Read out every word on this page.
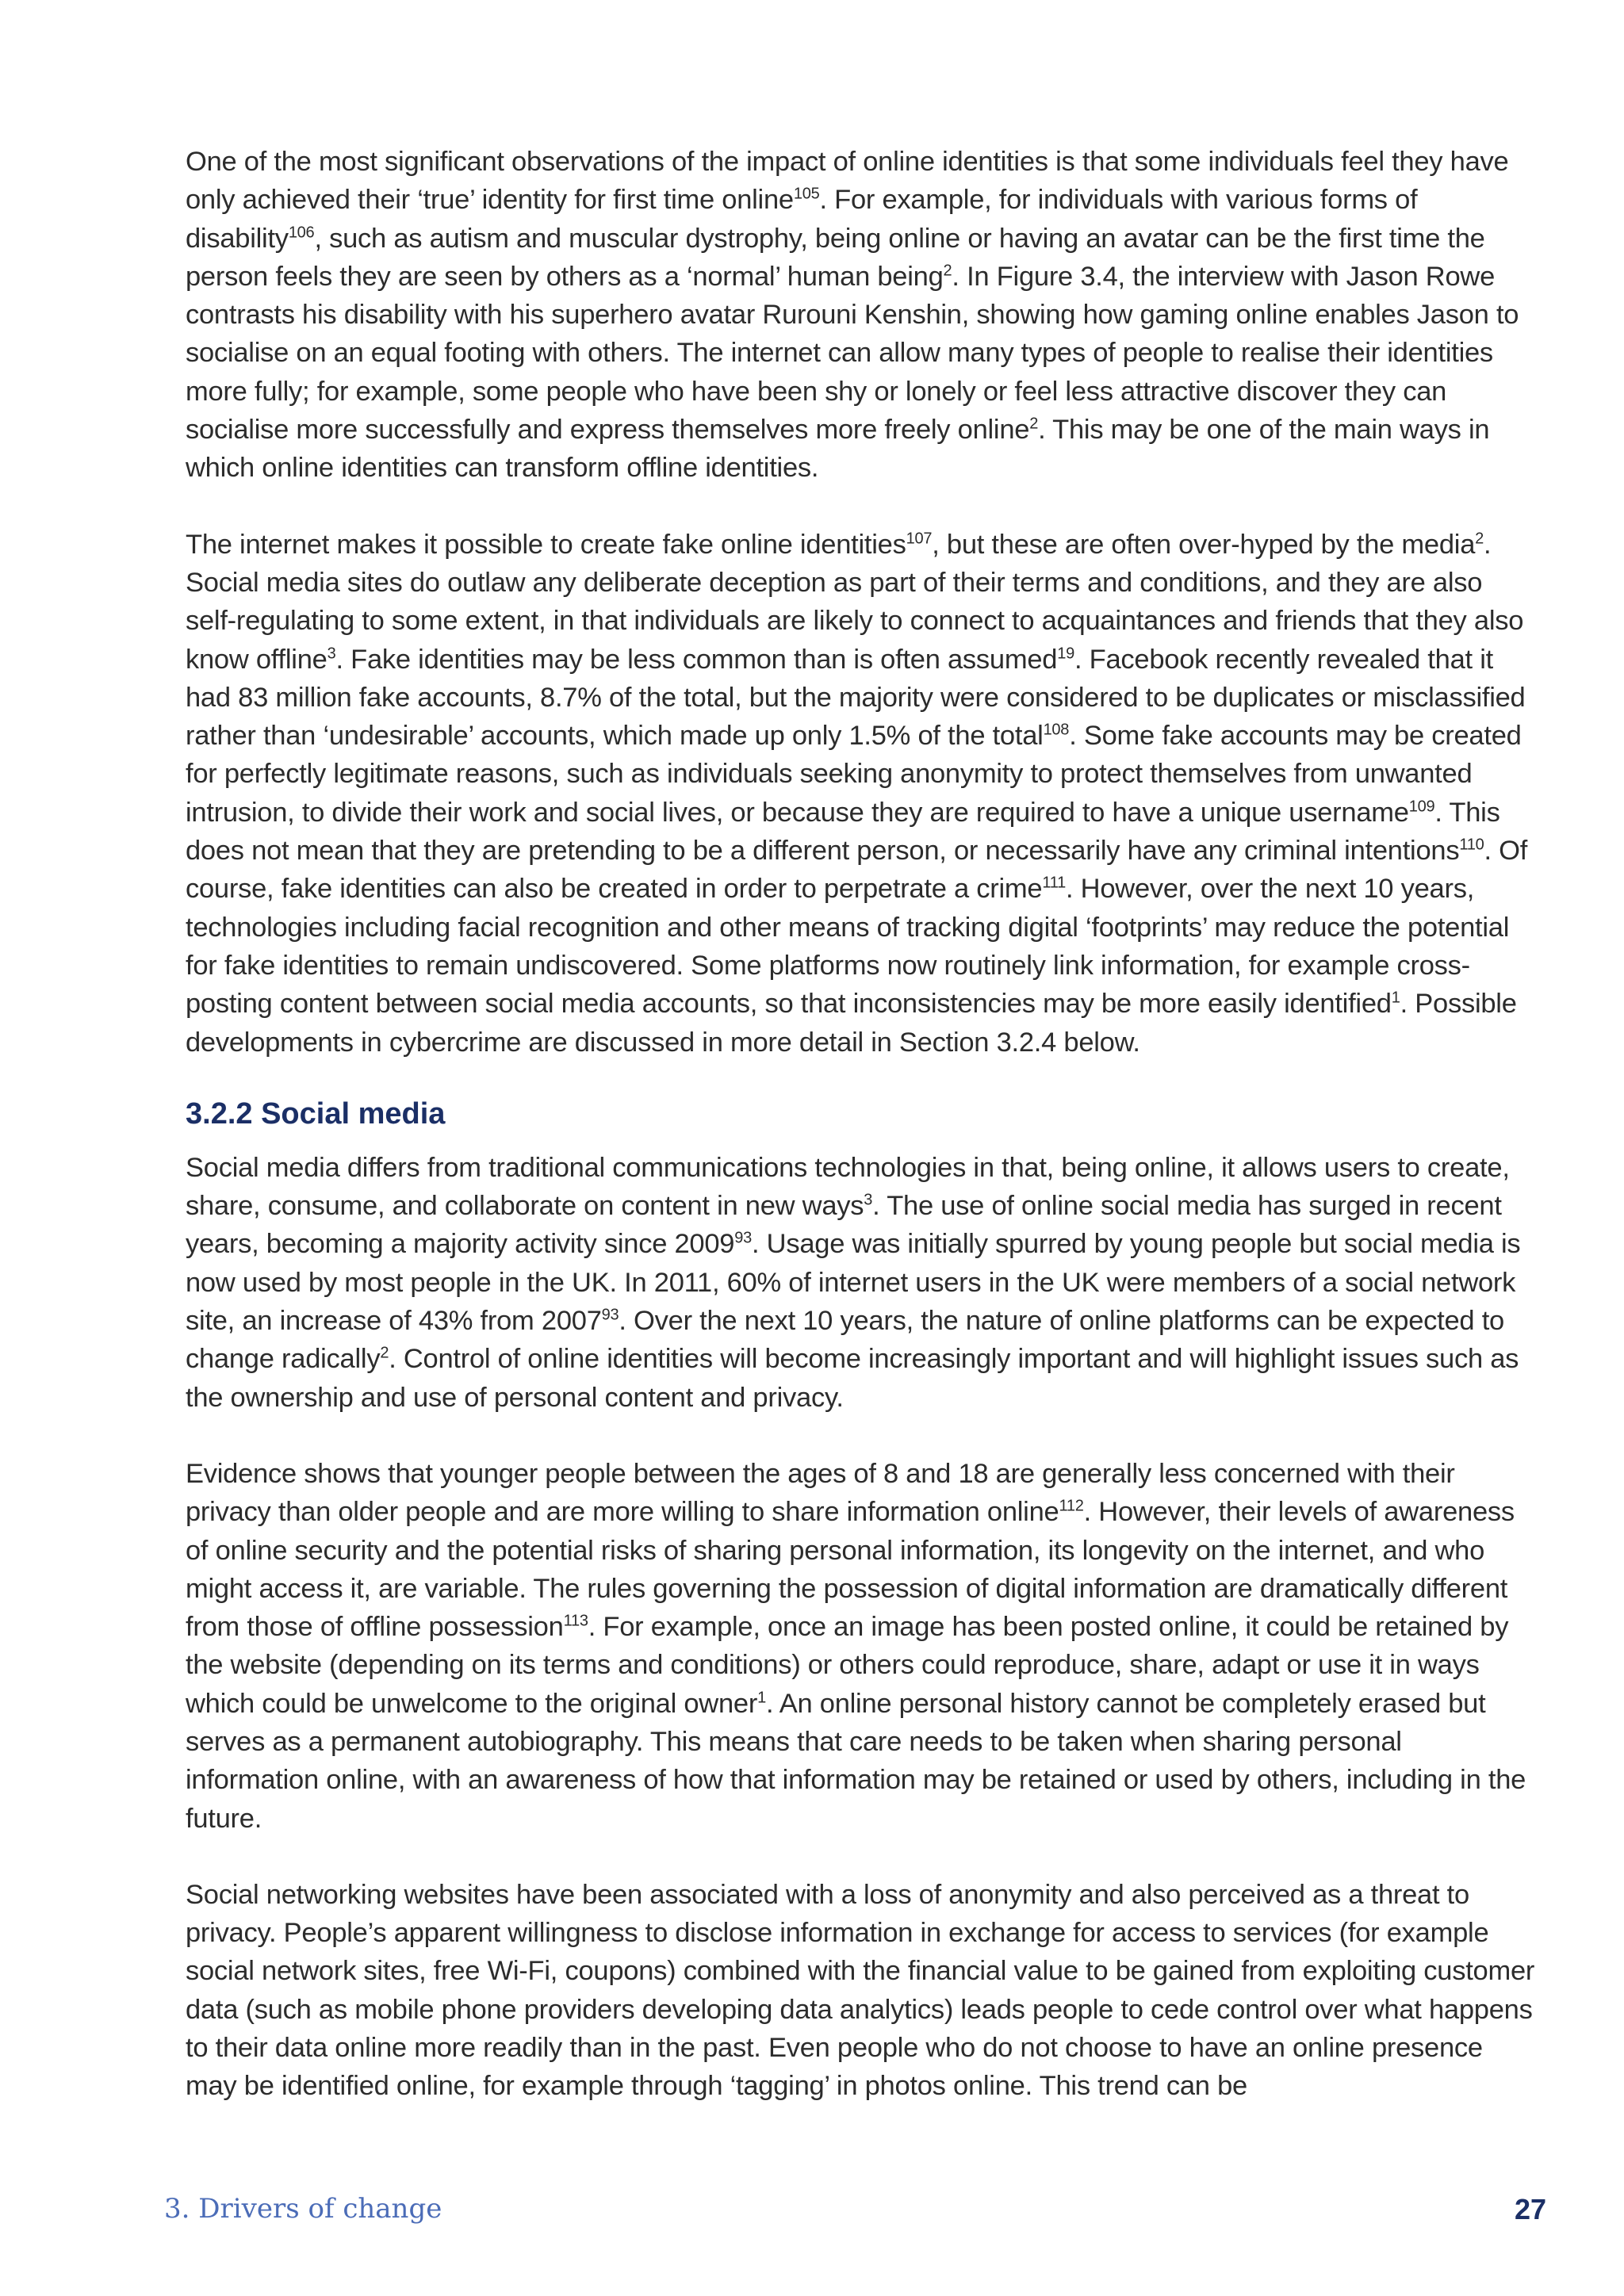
One of the most significant observations of the impact of online identities is that some individuals feel they have only achieved their ‘true’ identity for first time online$^{105}$. For example, for individuals with various forms of disability$^{106}$, such as autism and muscular dystrophy, being online or having an avatar can be the first time the person feels they are seen by others as a ‘normal’ human being$^2$. In Figure 3.4, the interview with Jason Rowe contrasts his disability with his superhero avatar Rurouni Kenshin, showing how gaming online enables Jason to socialise on an equal footing with others. The internet can allow many types of people to realise their identities more fully; for example, some people who have been shy or lonely or feel less attractive discover they can socialise more successfully and express themselves more freely online$^2$. This may be one of the main ways in which online identities can transform offline identities.

The internet makes it possible to create fake online identities$^{107}$, but these are often over-hyped by the media$^2$. Social media sites do outlaw any deliberate deception as part of their terms and conditions, and they are also self-regulating to some extent, in that individuals are likely to connect to acquaintances and friends that they also know offline$^3$. Fake identities may be less common than is often assumed$^{19}$. Facebook recently revealed that it had 83 million fake accounts, 8.7% of the total, but the majority were considered to be duplicates or misclassified rather than ‘undesirable’ accounts, which made up only 1.5% of the total$^{108}$. Some fake accounts may be created for perfectly legitimate reasons, such as individuals seeking anonymity to protect themselves from unwanted intrusion, to divide their work and social lives, or because they are required to have a unique username$^{109}$. This does not mean that they are pretending to be a different person, or necessarily have any criminal intentions$^{110}$. Of course, fake identities can also be created in order to perpetrate a crime$^{111}$. However, over the next 10 years, technologies including facial recognition and other means of tracking digital ‘footprints’ may reduce the potential for fake identities to remain undiscovered. Some platforms now routinely link information, for example cross-posting content between social media accounts, so that inconsistencies may be more easily identified$^1$. Possible developments in cybercrime are discussed in more detail in Section 3.2.4 below.

3.2.2 Social media

Social media differs from traditional communications technologies in that, being online, it allows users to create, share, consume, and collaborate on content in new ways$^3$. The use of online social media has surged in recent years, becoming a majority activity since 2009$^{93}$. Usage was initially spurred by young people but social media is now used by most people in the UK. In 2011, 60% of internet users in the UK were members of a social network site, an increase of 43% from 2007$^{93}$. Over the next 10 years, the nature of online platforms can be expected to change radically$^2$. Control of online identities will become increasingly important and will highlight issues such as the ownership and use of personal content and privacy.

Evidence shows that younger people between the ages of 8 and 18 are generally less concerned with their privacy than older people and are more willing to share information online$^{112}$. However, their levels of awareness of online security and the potential risks of sharing personal information, its longevity on the internet, and who might access it, are variable. The rules governing the possession of digital information are dramatically different from those of offline possession$^{113}$. For example, once an image has been posted online, it could be retained by the website (depending on its terms and conditions) or others could reproduce, share, adapt or use it in ways which could be unwelcome to the original owner$^1$. An online personal history cannot be completely erased but serves as a permanent autobiography. This means that care needs to be taken when sharing personal information online, with an awareness of how that information may be retained or used by others, including in the future.

Social networking websites have been associated with a loss of anonymity and also perceived as a threat to privacy. People’s apparent willingness to disclose information in exchange for access to services (for example social network sites, free Wi-Fi, coupons) combined with the financial value to be gained from exploiting customer data (such as mobile phone providers developing data analytics) leads people to cede control over what happens to their data online more readily than in the past. Even people who do not choose to have an online presence may be identified online, for example through ‘tagging’ in photos online. This trend can be

3. Drivers of change	27
